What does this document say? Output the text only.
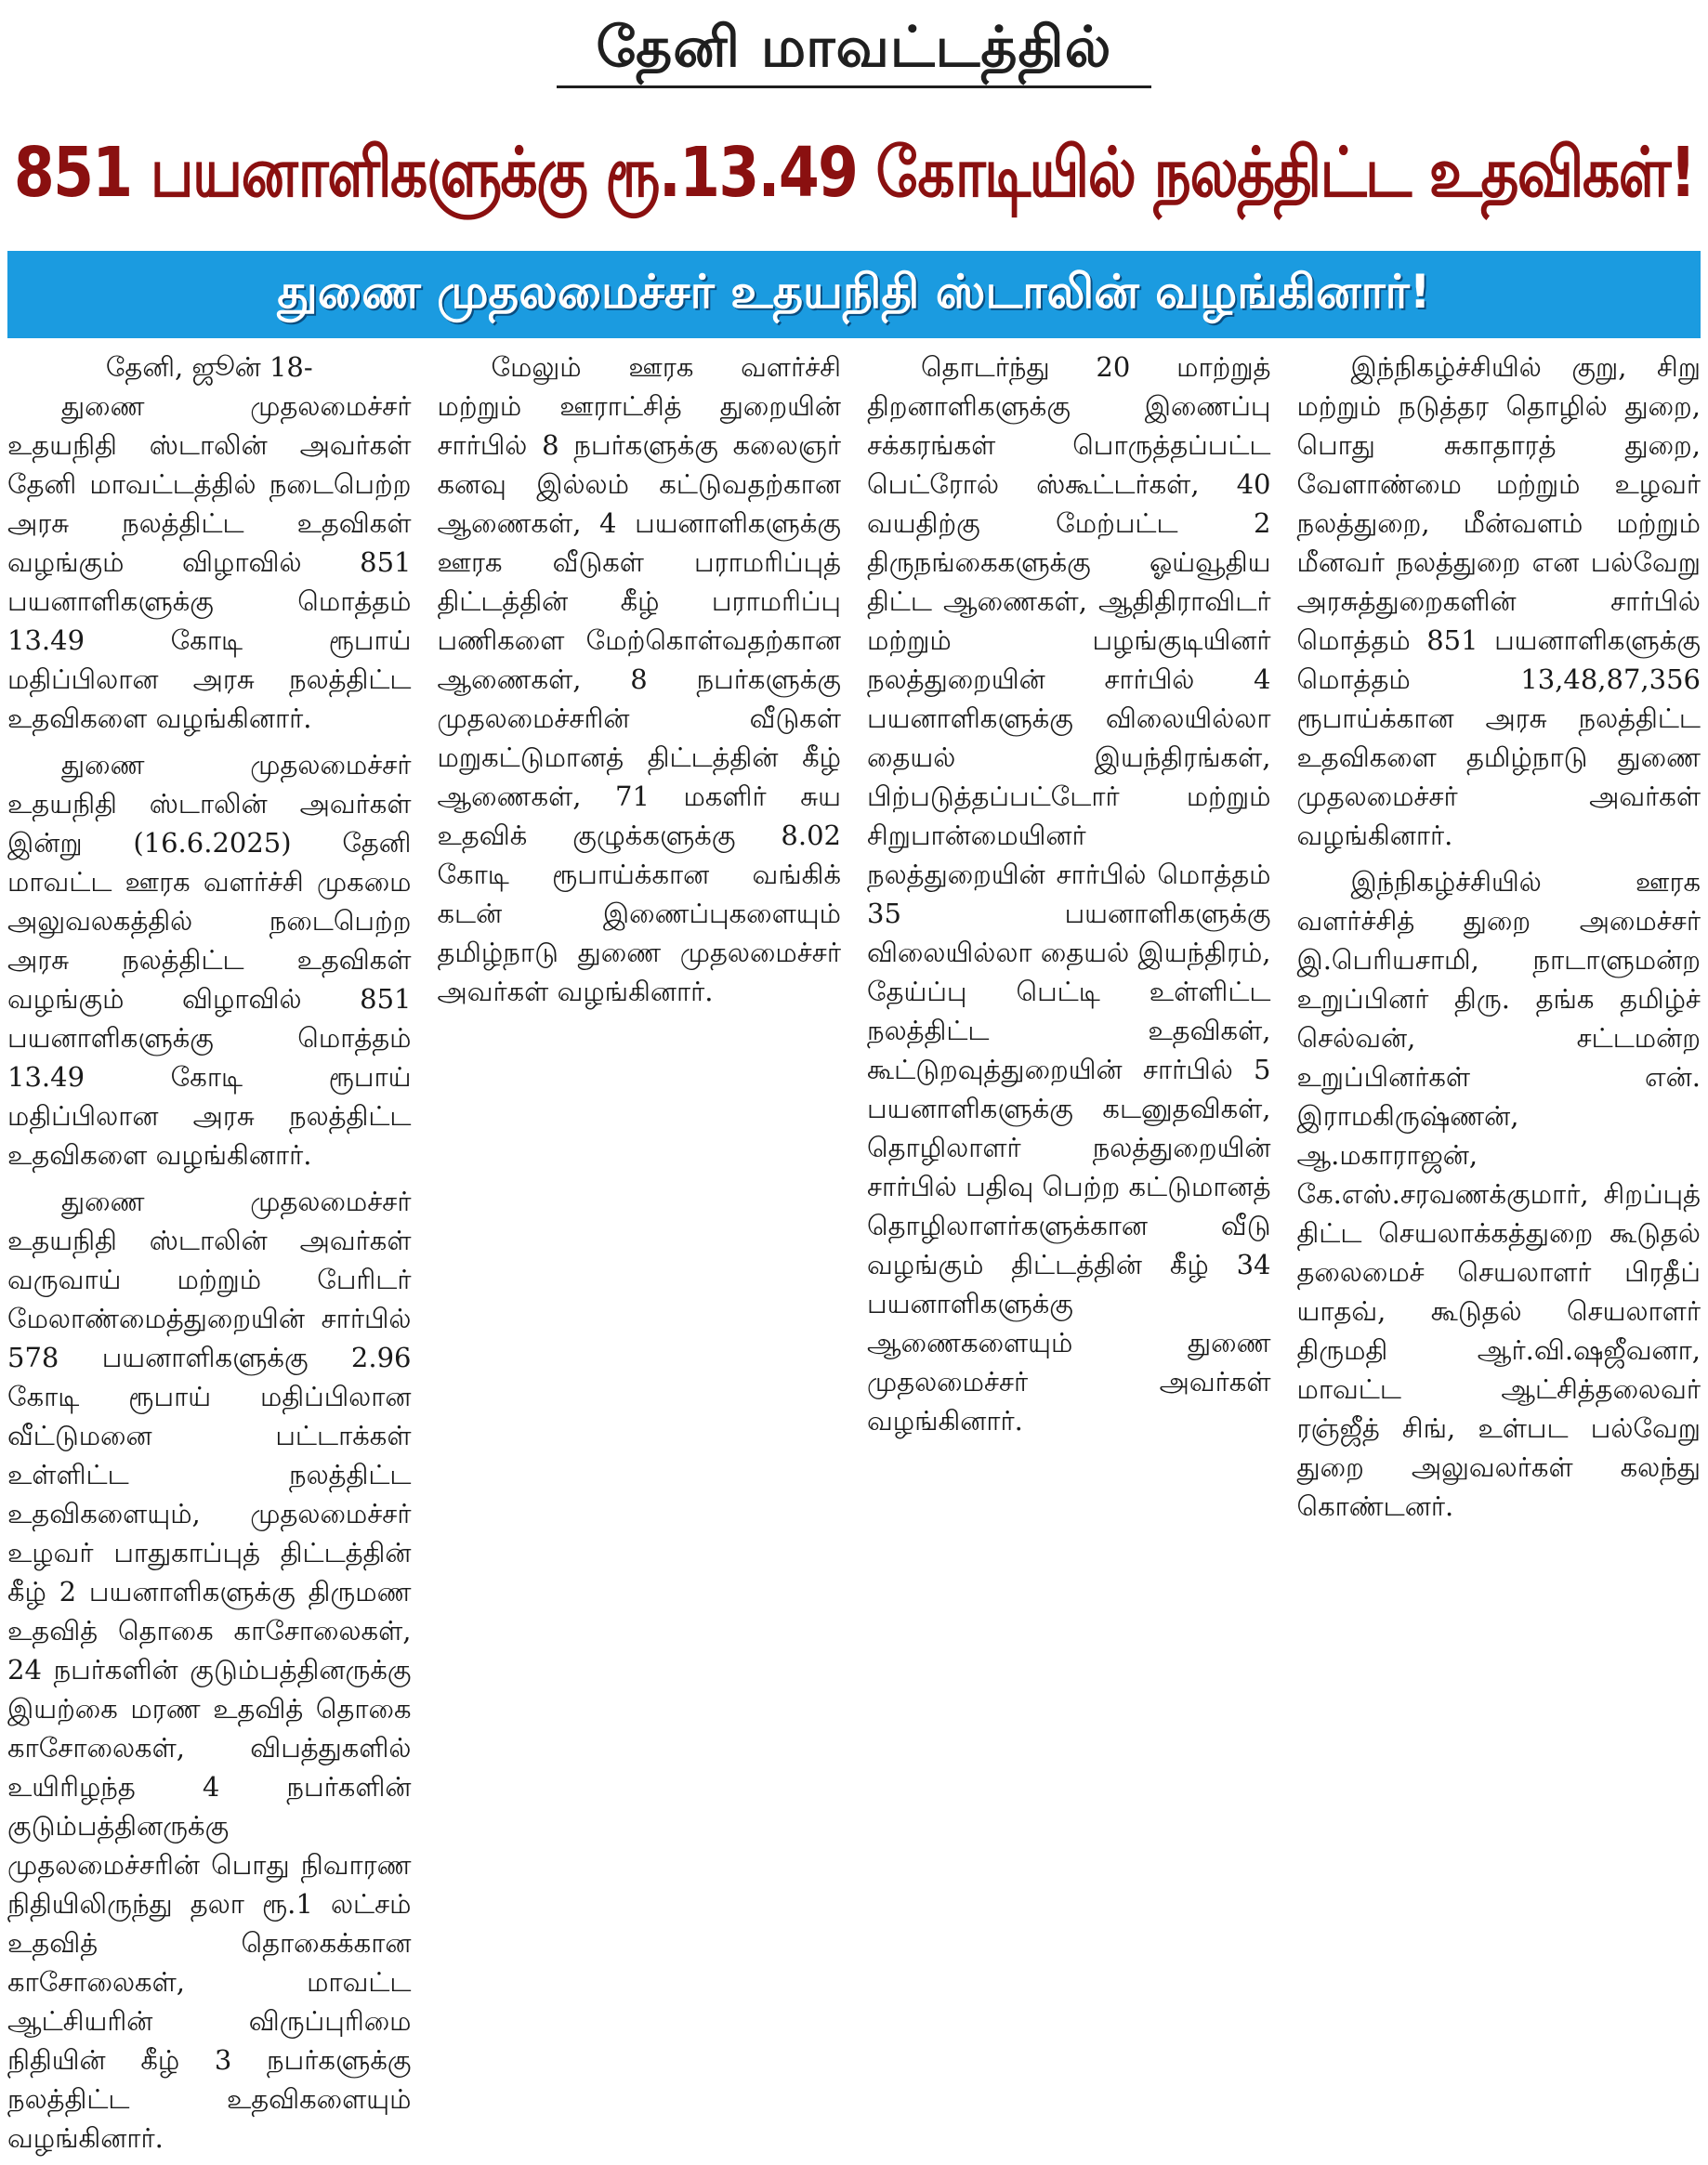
தேனி மாவட்டத்தில்
851 பயனாளிகளுக்கு ரூ.13.49 கோடியில் நலத்திட்ட உதவிகள்!
துணை முதலமைச்சர் உதயநிதி ஸ்டாலின் வழங்கினார்!
தேனி, ஜூன் 18-

துணை முதலமைச்சர் உதயநிதி ஸ்டாலின் அவர்கள் தேனி மாவட்டத்தில் நடைபெற்ற அரசு நலத்திட்ட உதவிகள் வழங்கும் விழாவில் 851 பயனாளிகளுக்கு மொத்தம் 13.49 கோடி ரூபாய் மதிப்பிலான அரசு நலத்திட்ட உதவிகளை வழங்கினார்.

துணை முதலமைச்சர் உதயநிதி ஸ்டாலின் அவர்கள் இன்று (16.6.2025) தேனி மாவட்ட ஊரக வளர்ச்சி முகமை அலுவலகத்தில் நடைபெற்ற அரசு நலத்திட்ட உதவிகள் வழங்கும் விழாவில் 851 பயனாளிகளுக்கு மொத்தம் 13.49 கோடி ரூபாய் மதிப்பிலான அரசு நலத்திட்ட உதவிகளை வழங்கினார்.

துணை முதலமைச்சர் உதயநிதி ஸ்டாலின் அவர்கள் வருவாய் மற்றும் பேரிடர் மேலாண்மைத்துறையின் சார்பில் 578 பயனாளிகளுக்கு 2.96 கோடி ரூபாய் மதிப்பிலான வீட்டுமனை பட்டாக்கள் உள்ளிட்ட நலத்திட்ட உதவிகளையும், முதலமைச்சர் உழவர் பாதுகாப்புத் திட்டத்தின் கீழ் 2 பயனாளிகளுக்கு திருமண உதவித் தொகை காசோலைகள், 24 நபர்களின் குடும்பத்தினருக்கு இயற்கை மரண உதவித் தொகை காசோலைகள், விபத்துகளில் உயிரிழந்த 4 நபர்களின் குடும்பத்தினருக்கு முதலமைச்சரின் பொது நிவாரண நிதியிலிருந்து தலா ரூ.1 லட்சம் உதவித் தொகைக்கான காசோலைகள், மாவட்ட ஆட்சியரின் விருப்புரிமை நிதியின் கீழ் 3 நபர்களுக்கு நலத்திட்ட உதவிகளையும் வழங்கினார்.

மேலும் ஊரக வளர்ச்சி மற்றும் ஊராட்சித் துறையின் சார்பில் 8 நபர்களுக்கு கலைஞர் கனவு இல்லம் கட்டுவதற்கான ஆணைகள், 4 பயனாளிகளுக்கு ஊரக வீடுகள் பராமரிப்புத் திட்டத்தின் கீழ் பராமரிப்பு பணிகளை மேற்கொள்வதற்கான ஆணைகள், 8 நபர்களுக்கு முதலமைச்சரின் வீடுகள் மறுகட்டுமானத் திட்டத்தின் கீழ் ஆணைகள், 71 மகளிர் சுய உதவிக் குழுக்களுக்கு 8.02 கோடி ரூபாய்க்கான வங்கிக் கடன் இணைப்புகளையும் தமிழ்நாடு துணை முதலமைச்சர் அவர்கள் வழங்கினார்.

தொடர்ந்து 20 மாற்றுத் திறனாளிகளுக்கு இணைப்பு சக்கரங்கள் பொருத்தப்பட்ட பெட்ரோல் ஸ்கூட்டர்கள், 40 வயதிற்கு மேற்பட்ட 2 திருநங்கைகளுக்கு ஓய்வூதிய திட்ட ஆணைகள், ஆதிதிராவிடர் மற்றும் பழங்குடியினர் நலத்துறையின் சார்பில் 4 பயனாளிகளுக்கு விலையில்லா தையல் இயந்திரங்கள், பிற்படுத்தப்பட்டோர் மற்றும் சிறுபான்மையினர் நலத்துறையின் சார்பில் மொத்தம் 35 பயனாளிகளுக்கு விலையில்லா தையல் இயந்திரம், தேய்ப்பு பெட்டி உள்ளிட்ட நலத்திட்ட உதவிகள், கூட்டுறவுத்துறையின் சார்பில் 5 பயனாளிகளுக்கு கடனுதவிகள், தொழிலாளர் நலத்துறையின் சார்பில் பதிவு பெற்ற கட்டுமானத் தொழிலாளர்களுக்கான வீடு வழங்கும் திட்டத்தின் கீழ் 34 பயனாளிகளுக்கு ஆணைகளையும் துணை முதலமைச்சர் அவர்கள் வழங்கினார்.

இந்நிகழ்ச்சியில் குறு, சிறு மற்றும் நடுத்தர தொழில் துறை, பொது சுகாதாரத் துறை, வேளாண்மை மற்றும் உழவர் நலத்துறை, மீன்வளம் மற்றும் மீனவர் நலத்துறை என பல்வேறு அரசுத்துறைகளின் சார்பில் மொத்தம் 851 பயனாளிகளுக்கு மொத்தம் 13,48,87,356 ரூபாய்க்கான அரசு நலத்திட்ட உதவிகளை தமிழ்நாடு துணை முதலமைச்சர் அவர்கள் வழங்கினார்.

இந்நிகழ்ச்சியில் ஊரக வளர்ச்சித் துறை அமைச்சர் இ.பெரியசாமி, நாடாளுமன்ற உறுப்பினர் திரு. தங்க தமிழ்ச் செல்வன், சட்டமன்ற உறுப்பினர்கள் என். இராமகிருஷ்ணன், ஆ.மகாராஜன், கே.எஸ்.சரவணக்குமார், சிறப்புத் திட்ட செயலாக்கத்துறை கூடுதல் தலைமைச் செயலாளர் பிரதீப் யாதவ், கூடுதல் செயலாளர் திருமதி ஆர்.வி.ஷஜீவனா, மாவட்ட ஆட்சித்தலைவர் ரஞ்ஜீத் சிங், உள்பட பல்வேறு துறை அலுவலர்கள் கலந்து கொண்டனர்.
